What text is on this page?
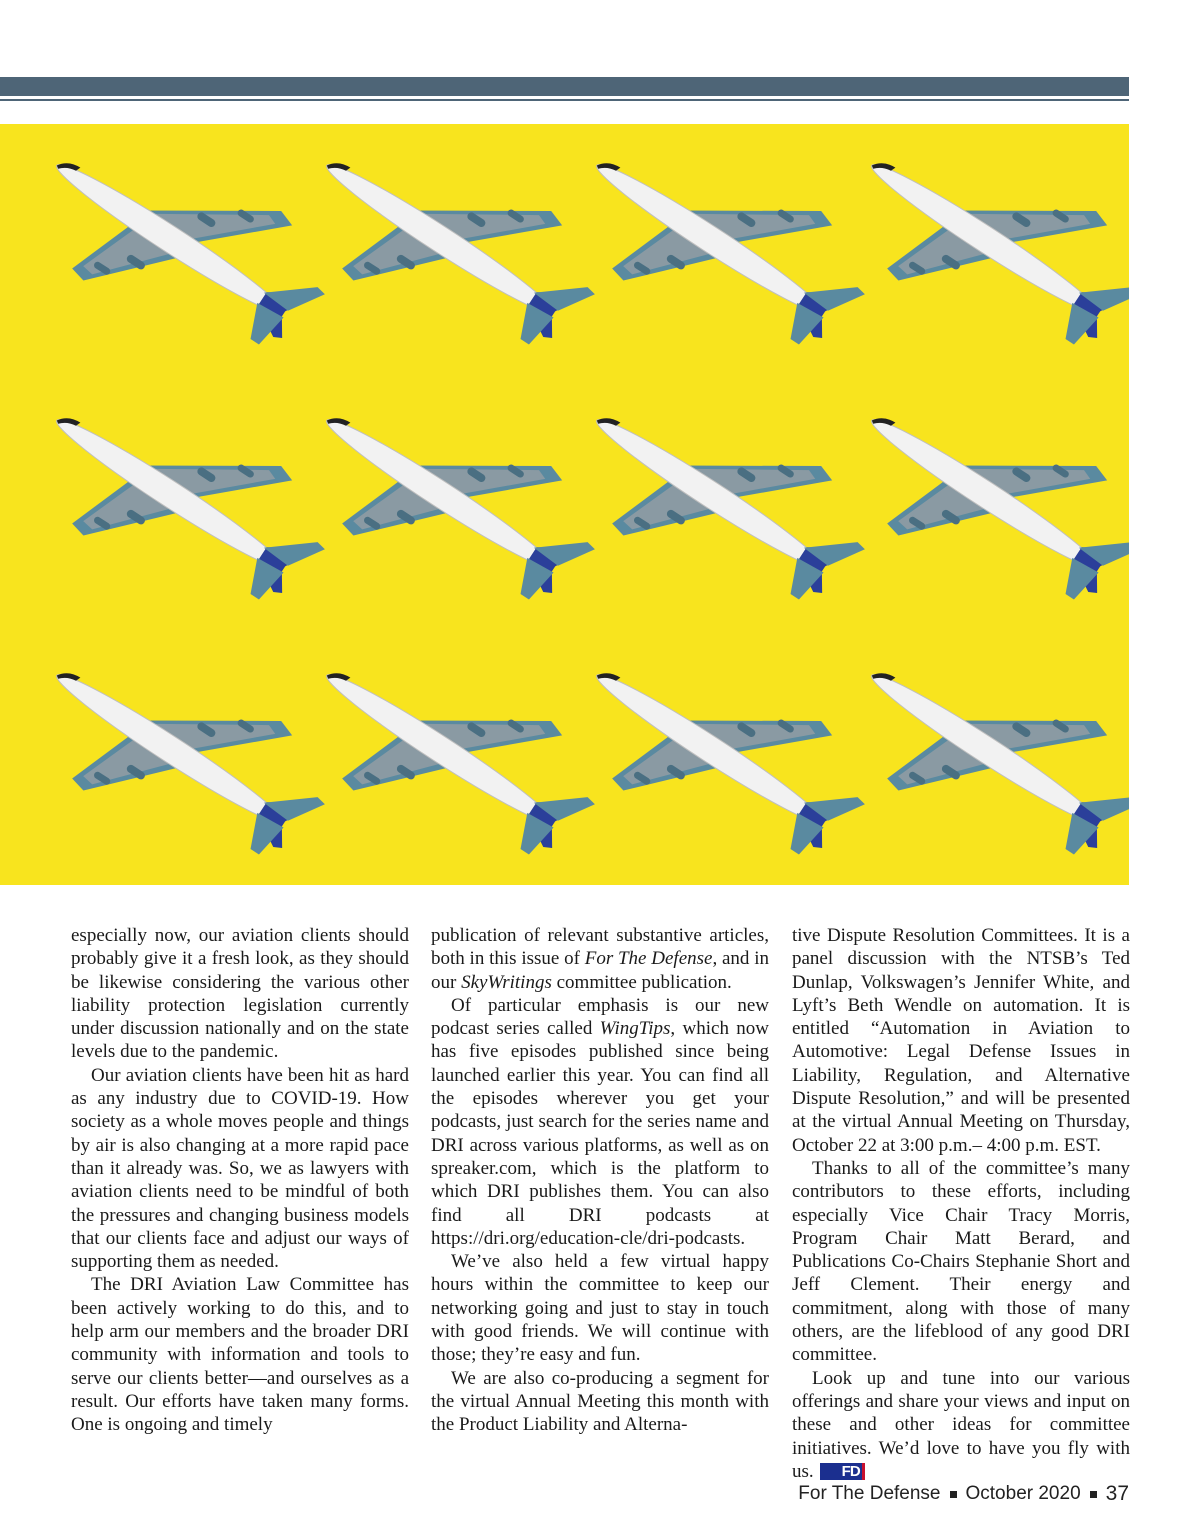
especially now, our aviation clients should probably give it a fresh look, as they should be likewise considering the various other liability protection legislation currently under discussion nationally and on the state levels due to the pandemic.

Our aviation clients have been hit as hard as any industry due to COVID-19. How society as a whole moves people and things by air is also changing at a more rapid pace than it already was. So, we as lawyers with aviation clients need to be mindful of both the pressures and changing business models that our clients face and adjust our ways of supporting them as needed.

The DRI Aviation Law Committee has been actively working to do this, and to help arm our members and the broader DRI community with information and tools to serve our clients better—and ourselves as a result. Our efforts have taken many forms. One is ongoing and timely

publication of relevant substantive articles, both in this issue of For The Defense, and in our SkyWritings committee publication.

Of particular emphasis is our new podcast series called WingTips, which now has five episodes published since being launched earlier this year. You can find all the episodes wherever you get your podcasts, just search for the series name and DRI across various platforms, as well as on spreaker.com, which is the platform to which DRI publishes them. You can also find all DRI podcasts at https://dri.org/education-cle/dri-podcasts.

We’ve also held a few virtual happy hours within the committee to keep our networking going and just to stay in touch with good friends. We will continue with those; they’re easy and fun.

We are also co-producing a segment for the virtual Annual Meeting this month with the Product Liability and Alterna-

tive Dispute Resolution Committees. It is a panel discussion with the NTSB’s Ted Dunlap, Volkswagen’s Jennifer White, and Lyft’s Beth Wendle on automation. It is entitled “Automation in Aviation to Automotive: Legal Defense Issues in Liability, Regulation, and Alternative Dispute Resolution,” and will be presented at the virtual Annual Meeting on Thursday, October 22 at 3:00 p.m.– 4:00 p.m. EST.

Thanks to all of the committee’s many contributors to these efforts, including especially Vice Chair Tracy Morris, Program Chair Matt Berard, and Publications Co-Chairs Stephanie Short and Jeff Clement. Their energy and commitment, along with those of many others, are the lifeblood of any good DRI committee.

Look up and tune into our various offerings and share your views and input on these and other ideas for committee initiatives. We’d love to have you fly with us. FD

For The Defense October 2020 37
